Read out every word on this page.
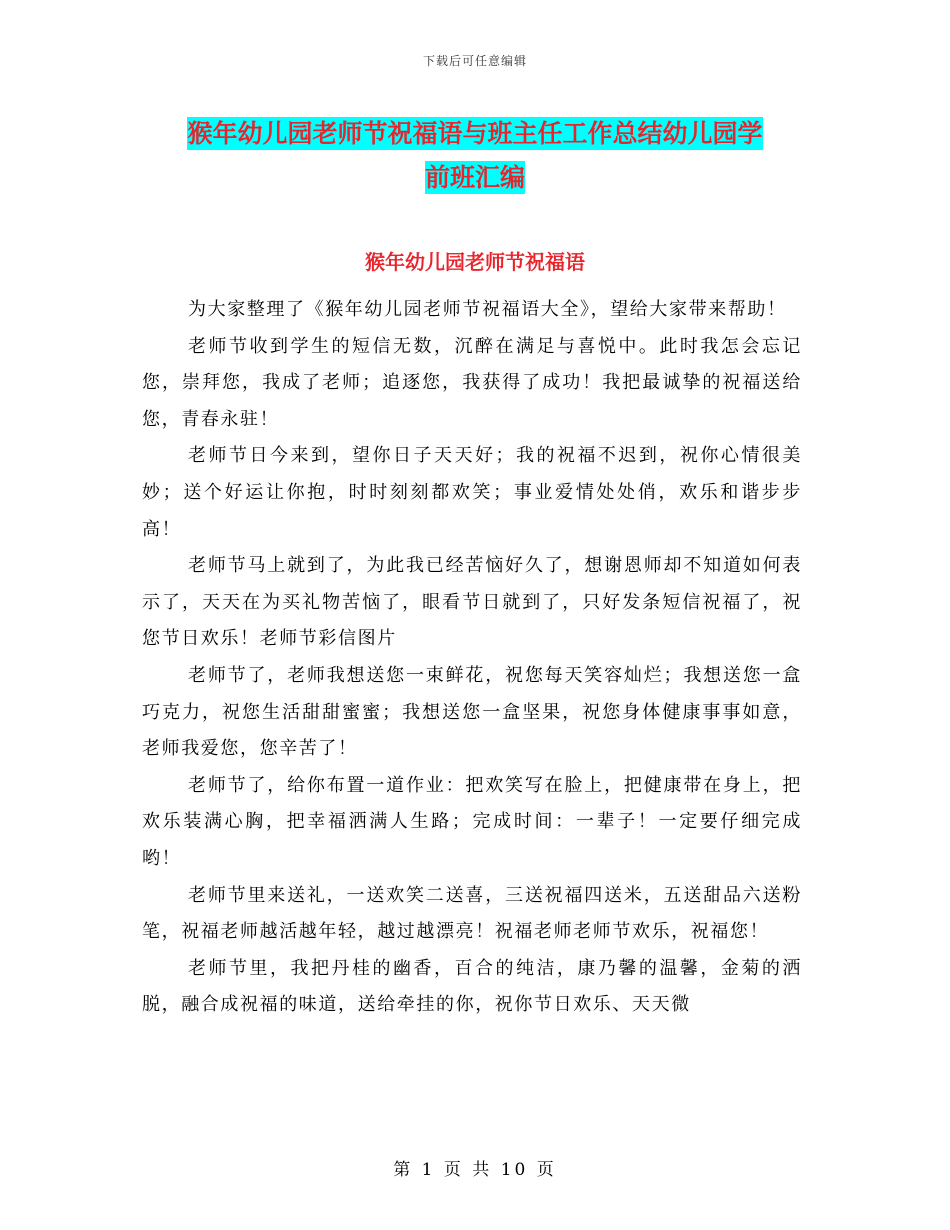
下载后可任意编辑
猴年幼儿园老师节祝福语与班主任工作总结幼儿园学
前班汇编
猴年幼儿园老师节祝福语

为大家整理了《猴年幼儿园老师节祝福语大全》，望给大家带来帮助！

老师节收到学生的短信无数，沉醉在满足与喜悦中。此时我怎会忘记您，崇拜您，我成了老师；追逐您，我获得了成功！我把最诚挚的祝福送给您，青春永驻！

老师节日今来到，望你日子天天好；我的祝福不迟到，祝你心情很美妙；送个好运让你抱，时时刻刻都欢笑；事业爱情处处俏，欢乐和谐步步高！

老师节马上就到了，为此我已经苦恼好久了，想谢恩师却不知道如何表示了，天天在为买礼物苦恼了，眼看节日就到了，只好发条短信祝福了，祝您节日欢乐！老师节彩信图片

老师节了，老师我想送您一束鲜花，祝您每天笑容灿烂；我想送您一盒巧克力，祝您生活甜甜蜜蜜；我想送您一盒坚果，祝您身体健康事事如意，老师我爱您，您辛苦了！

老师节了，给你布置一道作业：把欢笑写在脸上，把健康带在身上，把欢乐装满心胸，把幸福洒满人生路；完成时间：一辈子！一定要仔细完成哟！

老师节里来送礼，一送欢笑二送喜，三送祝福四送米，五送甜品六送粉笔，祝福老师越活越年轻，越过越漂亮！祝福老师老师节欢乐，祝福您！

老师节里，我把丹桂的幽香，百合的纯洁，康乃馨的温馨，金菊的洒脱，融合成祝福的味道，送给牵挂的你，祝你节日欢乐、天天微

第 1 页 共 10 页
